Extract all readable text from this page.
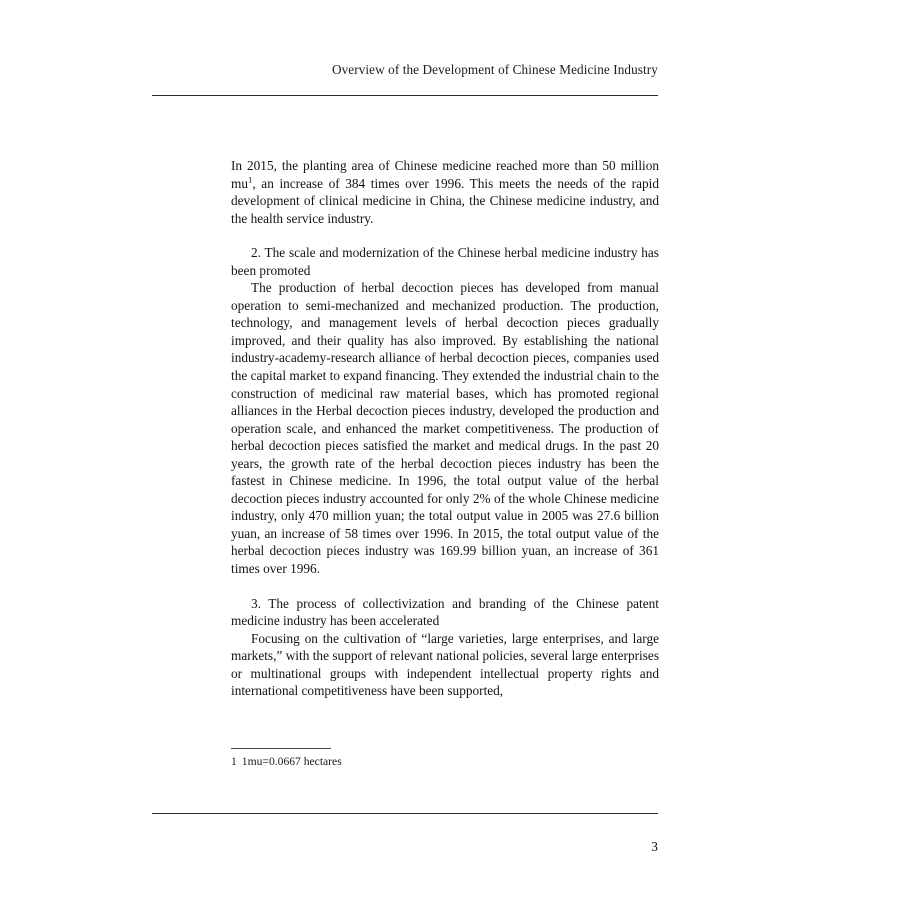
Overview of the Development of Chinese Medicine Industry

In 2015, the planting area of Chinese medicine reached more than 50 million mu$^1$, an increase of 384 times over 1996. This meets the needs of the rapid development of clinical medicine in China, the Chinese medicine industry, and the health service industry.

2. The scale and modernization of the Chinese herbal medicine industry has been promoted

The production of herbal decoction pieces has developed from manual operation to semi-mechanized and mechanized production. The production, technology, and management levels of herbal decoction pieces gradually improved, and their quality has also improved. By establishing the national industry-academy-research alliance of herbal decoction pieces, companies used the capital market to expand financing. They extended the industrial chain to the construction of medicinal raw material bases, which has promoted regional alliances in the Herbal decoction pieces industry, developed the production and operation scale, and enhanced the market competitiveness. The production of herbal decoction pieces satisfied the market and medical drugs. In the past 20 years, the growth rate of the herbal decoction pieces industry has been the fastest in Chinese medicine. In 1996, the total output value of the herbal decoction pieces industry accounted for only 2% of the whole Chinese medicine industry, only 470 million yuan; the total output value in 2005 was 27.6 billion yuan, an increase of 58 times over 1996. In 2015, the total output value of the herbal decoction pieces industry was 169.99 billion yuan, an increase of 361 times over 1996.

3. The process of collectivization and branding of the Chinese patent medicine industry has been accelerated

Focusing on the cultivation of “large varieties, large enterprises, and large markets,” with the support of relevant national policies, several large enterprises or multinational groups with independent intellectual property rights and international competitiveness have been supported,

1 1mu=0.0667 hectares

3
